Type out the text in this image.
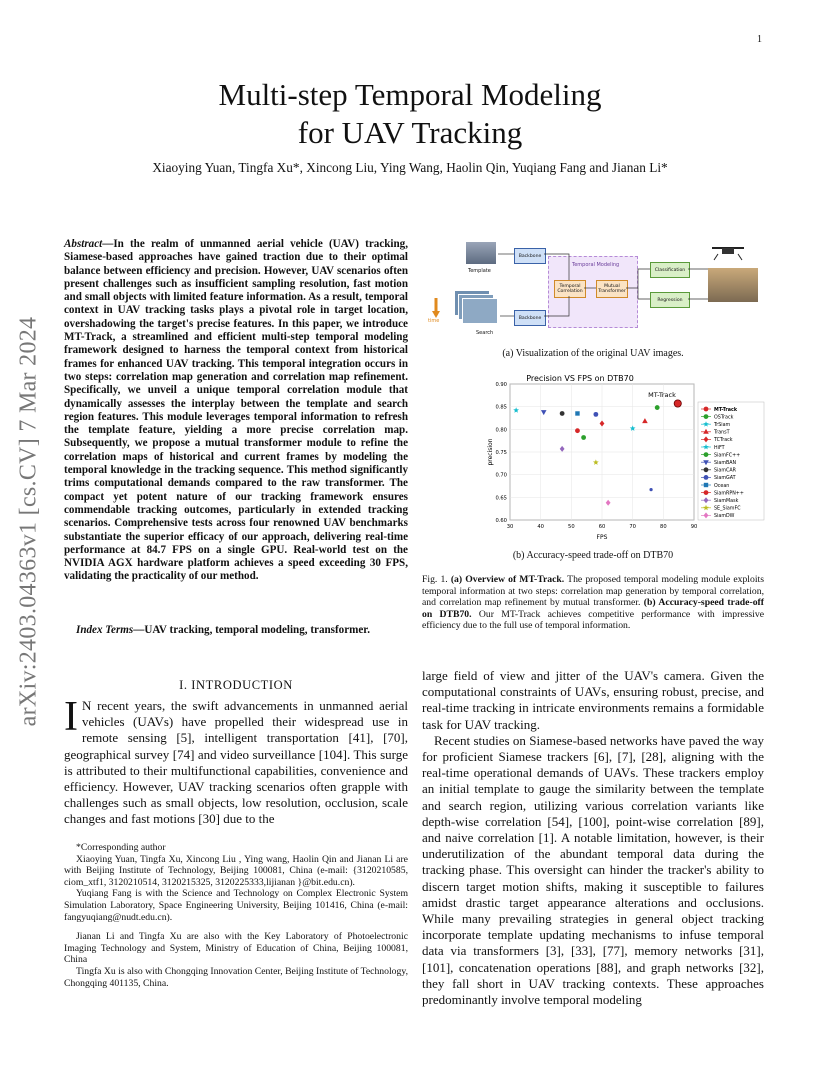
1
arXiv:2403.04363v1 [cs.CV] 7 Mar 2024
Multi-step Temporal Modeling
for UAV Tracking
Xiaoying Yuan, Tingfa Xu*, Xincong Liu, Ying Wang, Haolin Qin, Yuqiang Fang and Jianan Li*
Abstract—In the realm of unmanned aerial vehicle (UAV) tracking, Siamese-based approaches have gained traction due to their optimal balance between efficiency and precision. However, UAV scenarios often present challenges such as insufficient sampling resolution, fast motion and small objects with limited feature information. As a result, temporal context in UAV tracking tasks plays a pivotal role in target location, overshadowing the target's precise features. In this paper, we introduce MT-Track, a streamlined and efficient multi-step temporal modeling framework designed to harness the temporal context from historical frames for enhanced UAV tracking. This temporal integration occurs in two steps: correlation map generation and correlation map refinement. Specifically, we unveil a unique temporal correlation module that dynamically assesses the interplay between the template and search region features. This module leverages temporal information to refresh the template feature, yielding a more precise correlation map. Subsequently, we propose a mutual transformer module to refine the correlation maps of historical and current frames by modeling the temporal knowledge in the tracking sequence. This method significantly trims computational demands compared to the raw transformer. The compact yet potent nature of our tracking framework ensures commendable tracking outcomes, particularly in extended tracking scenarios. Comprehensive tests across four renowned UAV benchmarks substantiate the superior efficacy of our approach, delivering real-time performance at 84.7 FPS on a single GPU. Real-world test on the NVIDIA AGX hardware platform achieves a speed exceeding 30 FPS, validating the practicality of our method.
Index Terms—UAV tracking, temporal modeling, transformer.
I. INTRODUCTION
I N recent years, the swift advancements in unmanned aerial vehicles (UAVs) have propelled their widespread use in remote sensing [5], intelligent transportation [41], [70], geographical survey [74] and video surveillance [104]. This surge is attributed to their multifunctional capabilities, convenience and efficiency. However, UAV tracking scenarios often grapple with challenges such as small objects, low resolution, occlusion, scale changes and fast motions [30] due to the

*Corresponding author

Xiaoying Yuan, Tingfa Xu, Xincong Liu , Ying wang, Haolin Qin and Jianan Li are with Beijing Institute of Technology, Beijing 100081, China (e-mail: {3120210585, ciom_xtf1, 3120210514, 3120215325, 3120225333,lijianan }@bit.edu.cn).

Yuqiang Fang is with the Science and Technology on Complex Electronic System Simulation Laboratory, Space Engineering University, Beijing 101416, China (e-mail: fangyuqiang@nudt.edu.cn).

Jianan Li and Tingfa Xu are also with the Key Laboratory of Photoelectronic Imaging Technology and System, Ministry of Education of China, Beijing 100081, China

Tingfa Xu is also with Chongqing Innovation Center, Beijing Institute of Technology, Chongqing 401135, China.

Template
time
Search
Backbone
Backbone
Temporal Modeling
Temporal Correlation
Mutual Transformer
Classification
Regression
(a) Visualization of the original UAV images.
Precision VS FPS on DTB70
30	40	50	60	70	80	90
0.60
0.65
0.70
0.75
0.80
0.85
0.90
FPS
precision
MT-Track
MT-Track
OSTrack
TrSiam
TransT
TCTrack
HiFT
SiamFC++
SiamBAN
SiamCAR
SiamGAT
Ocean
SiamRPN++
SiamMask
SE_SiamFC
SiamDW
(b) Accuracy-speed trade-off on DTB70
Fig. 1. (a) Overview of MT-Track. The proposed temporal modeling module exploits temporal information at two steps: correlation map generation by temporal correlation, and correlation map refinement by mutual transformer. (b) Accuracy-speed trade-off on DTB70. Our MT-Track achieves competitive performance with impressive efficiency due to the full use of temporal information.

large field of view and jitter of the UAV's camera. Given the computational constraints of UAVs, ensuring robust, precise, and real-time tracking in intricate environments remains a formidable task for UAV tracking.

Recent studies on Siamese-based networks have paved the way for proficient Siamese trackers [6], [7], [28], aligning with the real-time operational demands of UAVs. These trackers employ an initial template to gauge the similarity between the template and search region, utilizing various correlation variants like depth-wise correlation [54], [100], point-wise correlation [89], and naive correlation [1]. A notable limitation, however, is their underutilization of the abundant temporal data during the tracking phase. This oversight can hinder the tracker's ability to discern target motion shifts, making it susceptible to failures amidst drastic target appearance alterations and occlusions. While many prevailing strategies in general object tracking incorporate template updating mechanisms to infuse temporal data via transformers [3], [33], [77], memory networks [31], [101], concatenation operations [88], and graph networks [32], they fall short in UAV tracking contexts. These approaches predominantly involve temporal modeling
